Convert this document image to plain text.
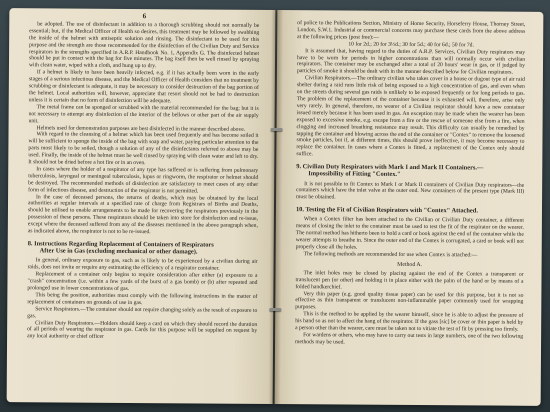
6

be adopted. The use of disinfectant in addition to a thorough scrubbing should not normally be essential; but, if the Medical Officer of Health so desires, this treatment may be followed by swabbing the inside of the helmet with antiseptic solution and rinsing. The disinfectant to be used for this purpose and the strength are those recommended for the disinfection of the Civilian Duty and Service respirators in the strengths specified in A.R.P. Handbook No. 1, Appendix G. The disinfected helmet should be put in contact with the bag for five minutes. The bag itself then be well rinsed by spraying with clean water, wiped with a cloth, and hung up to dry.

If a helmet is likely to have been heavily infected, e.g. if it has actually been worn in the early stages of a serious infectious disease, and the Medical Officer of Health considers that no treatment by scrubbing or disinfectant is adequate, it may be necessary to consider destruction of the bag portion of the helmet. Local authorities will, however, appreciate that resort should not be had to destruction unless it is certain that no form of disinfection will be adequate.

The metal frame can be sponged or scrubbed with the material recommended for the bag; but it is not necessary to attempt any disinfection of the interior of the bellows or other part of the air supply unit.

Helmets used for demonstration purposes are best disinfected in the manner described above.

With regard to the cleansing of a helmet which has been used frequently and has become soiled it will be sufficient to sponge the inside of the bag with soap and water, paying particular attention to the parts most likely to be soiled, though a solution of any of the disinfectants referred to above may be used. Finally, the inside of the helmet must be well rinsed by spraying with clean water and left to dry. It should not be dried before a hot fire or in an oven.

In cases where the holder of a respirator of any type has suffered or is suffering from pulmonary tuberculosis, laryngeal or meningeal tuberculosis, lupus or ringworm, the respirator or helmet should be destroyed. The recommended methods of disinfection are satisfactory to meet cases of any other form of infectious disease, and destruction of the respirator is not permitted.

In the case of deceased persons, the returns of deaths, which may be obtained by the local authorities at regular intervals at a specified rate of charge from Registrars of Births and Deaths, should be utilised to enable arrangements to be made for recovering the respirators previously in the possession of these persons. These respirators should be taken into store for disinfection and re-issue, except where the deceased suffered from any of the diseases mentioned in the above paragraph when, as indicated above, the respirator is not to be re-issued.

8. Instructions Regarding Replacement of Containers of Respirators
After Use in Gas (excluding mechanical or other damage).

In general, ordinary exposure to gas, such as is likely to be experienced by a civilian during air raids, does not invite or require any estimating the efficiency of a respirator container.

Replacement of a container only begins to require consideration after either (a) exposure to a "crash" concentration (i.e. within a few yards of the burst of a gas bomb) or (b) after repeated and prolonged use in lower concentrations of gas.

This being the position, authorities must comply with the following instructions in the matter of replacement of containers on grounds of use in gas.

Service Respirators.—The container should not require changing solely as the result of exposure to gas.

Civilian Duty Respirators.—Holders should keep a card on which they should record the duration of all periods of wearing the respirator in gas. Cards for this purpose will be supplied on request by any local authority or chief officer

of police to the Publications Section, Ministry of Home Security, Horseferry House, Thorney Street, London, S.W.1. Industrial or commercial concerns may purchase these cards from the above address at the following prices (post free):—

10 for 2d.; 20 for 3½d.; 30 for 5d.; 40 for 6d.; 50 for 7d.

It is assumed that, having regard to the duties of A.R.P. Services, Civilian Duty respirators may have to be worn for periods in higher concentrations than will normally occur with civilian respirators. The container may be exchanged after a total of 20 hours' wear in gas, or if judged by particles of smoke it should be dealt with in the manner described below for Civilian respirators.

Civilian Respirators.—The ordinary civilian who takes cover in a house or dugout type of air raid shelter during a raid runs little risk of being exposed to a high concentration of gas, and even when on the streets during several gas raids is unlikely to be exposed frequently or for long periods to gas. The problem of the replacement of the container because it is exhausted will, therefore, arise only very rarely. In general, therefore, no wearer of a Civilian respirator should have a new container issued merely because it has been used in gas. An exception may be made when the wearer has been exposed to excessive smoke, e.g. escape from a fire or the rescue of someone else from a fire, when clogging and increased breathing resistance may result. This difficulty can usually be remedied by tapping the container and blowing across the end of the container or "Contex" to remove the loosened smoke particles, but if, at different times, this should prove ineffective, it may become necessary to replace the container. In cases where a Contex is fitted, a replacement of the Contex only should suffice.

9. Civilian Duty Respirators with Mark I and Mark II Containers.—
Impossibility of Fitting "Contex."

It is not possible to fit Contex to Mark I or Mark II containers of Civilian Duty respirators—the containers which have the inlet valve at the outer end. New containers of the present type (Mark III) must be obtained.

10. Testing the Fit of Civilian Respirators with "Contex" Attached.

When a Contex filter has been attached to the Civilian or Civilian Duty container, a different means of closing the inlet to the container must be used to test the fit of the respirator on the wearer. The normal method has hitherto been to hold a card or book against the end of the container while the wearer attempts to breathe in. Since the outer end of the Contex is corrugated, a card or book will not properly close all the holes.

The following methods are recommended for use when Contex is attached:—

Method A.

The inlet holes may be closed by placing against the end of the Contex a transparent or translucent pen (or other) and holding it in place either with the palm of the hand or by means of a folded handkerchief.

Very thin paper (e.g. good quality tissue paper) can be used for this purpose, but it is not so effective as thin transparent or translucent non-inflammable paper commonly used for wrapping purposes.

This is the method to be applied by the wearer himself, since he is able to adjust the pressure of his hand so as not to affect the hang of the respirator. If the gass [sic] be cover or thin paper is held by a person other than the wearer, care must be taken not to vitiate the test of fit by pressing too firmly.

For wardens or others, who may have to carry out tests in large numbers, one of the two following methods may be used.
